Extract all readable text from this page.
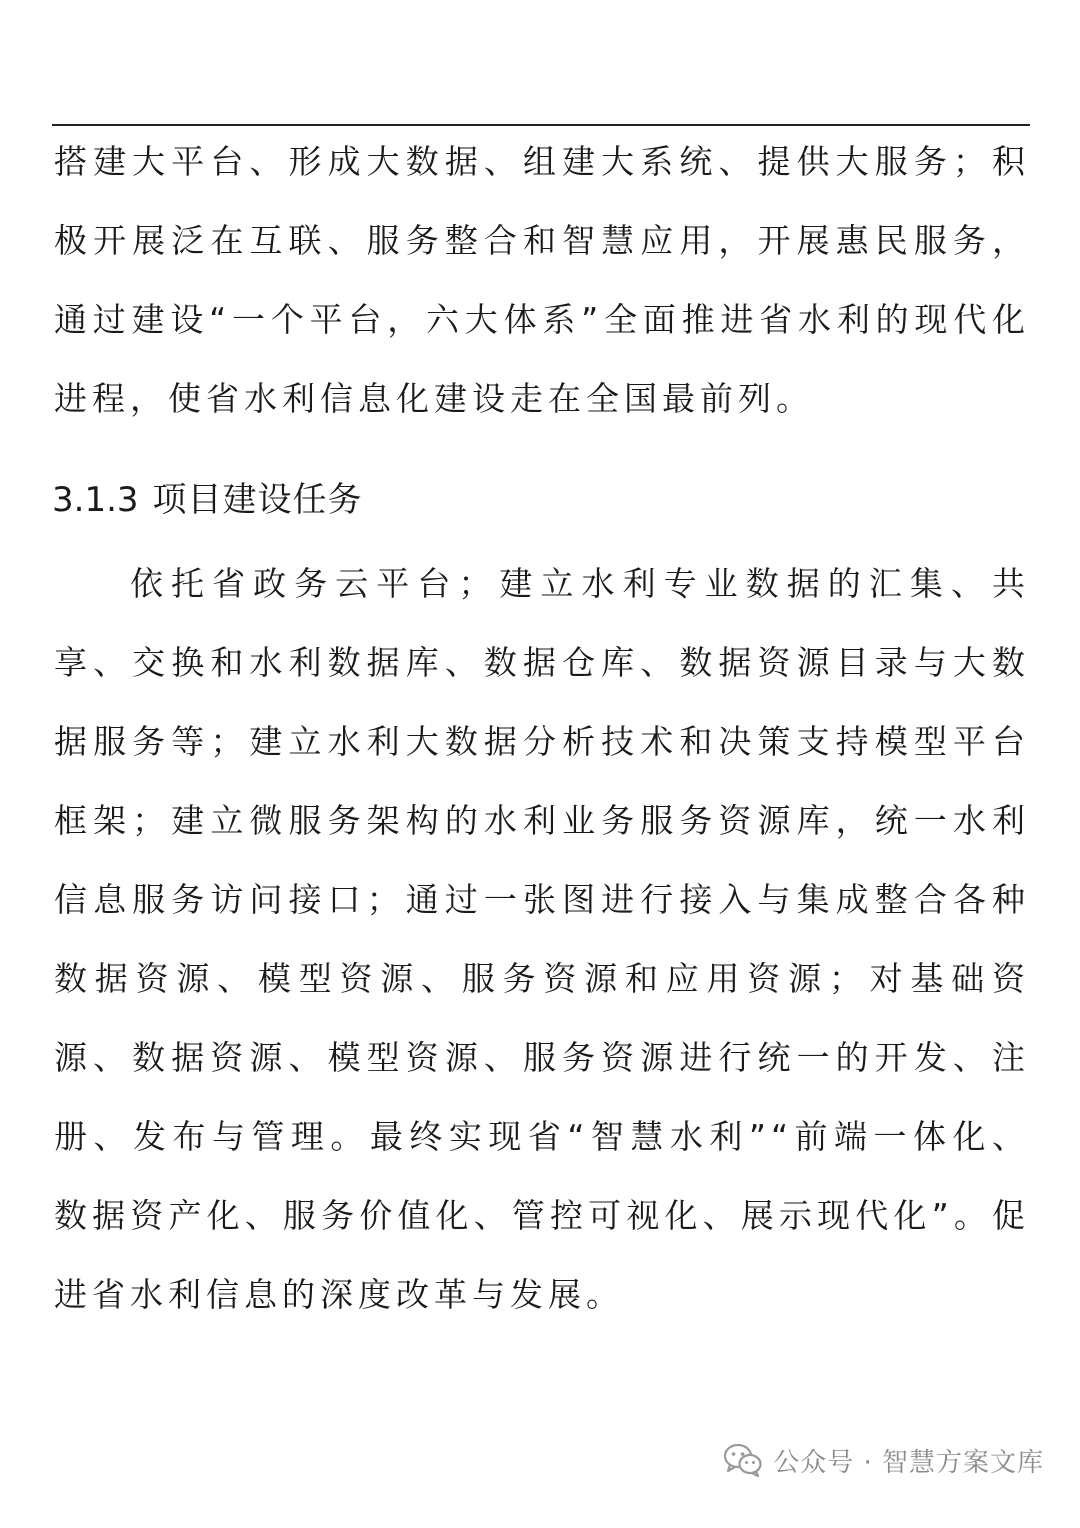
搭建大平台、形成大数据、组建大系统、提供大服务；积极开展泛在互联、服务整合和智慧应用，开展惠民服务，通过建设“一个平台，六大体系”全面推进省水利的现代化进程，使省水利信息化建设走在全国最前列。

3.1.3 项目建设任务

依托省政务云平台；建立水利专业数据的汇集、共享、交换和水利数据库、数据仓库、数据资源目录与大数据服务等；建立水利大数据分析技术和决策支持模型平台框架；建立微服务架构的水利业务服务资源库，统一水利信息服务访问接口；通过一张图进行接入与集成整合各种数据资源、模型资源、服务资源和应用资源；对基础资源、数据资源、模型资源、服务资源进行统一的开发、注册、发布与管理。最终实现省“智慧水利”“前端一体化、数据资产化、服务价值化、管控可视化、展示现代化”。促进省水利信息的深度改革与发展。

公众号 · 智慧方案文库
